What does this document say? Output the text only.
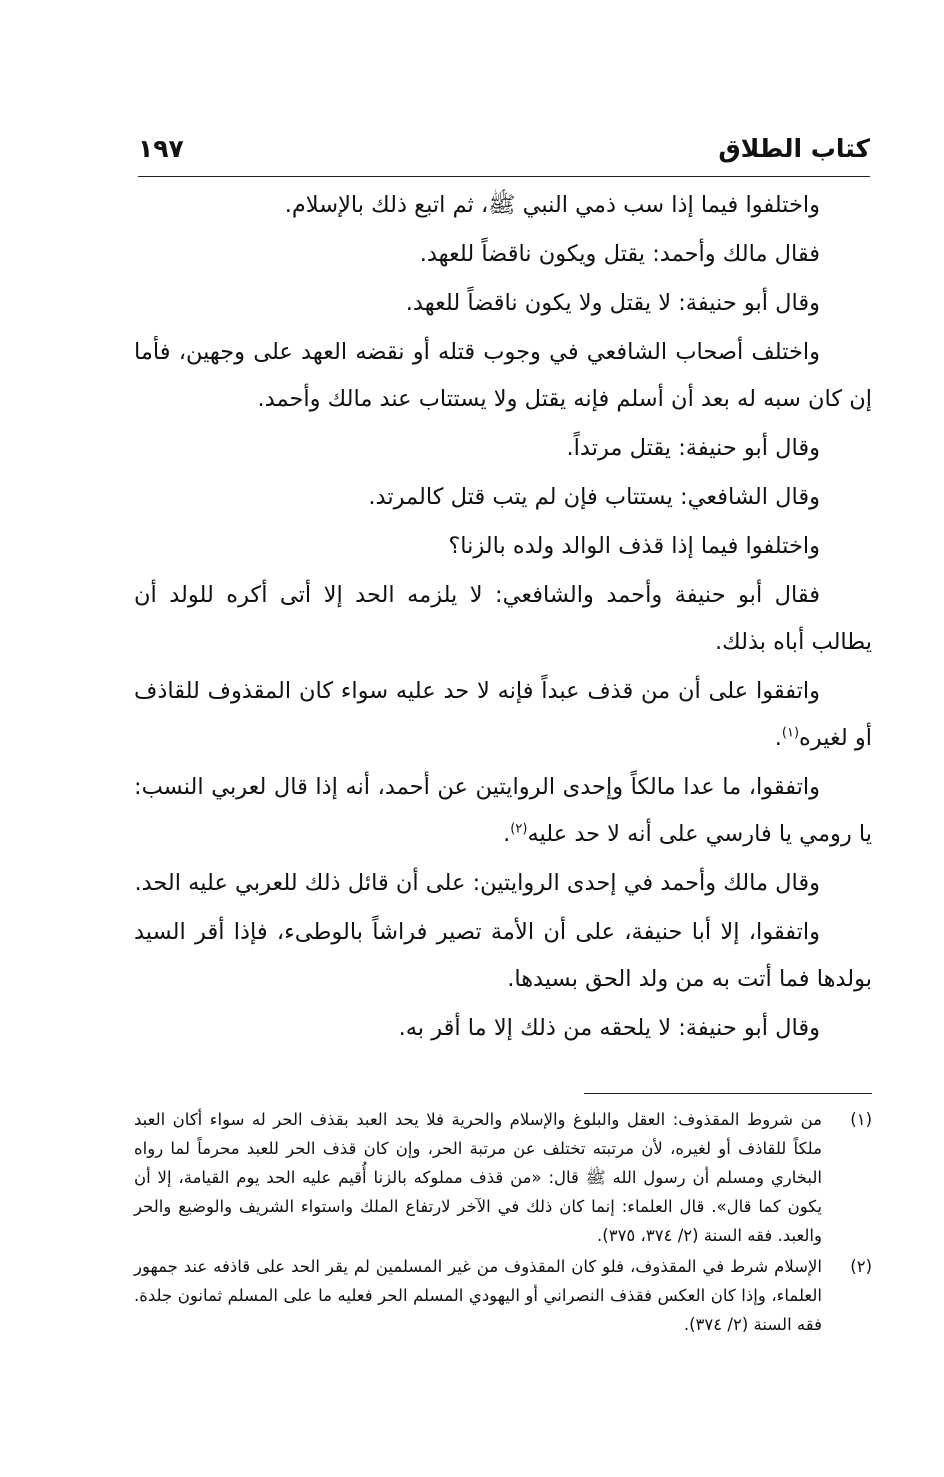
كتاب الطلاق
١٩٧

واختلفوا فيما إذا سب ذمي النبي ﷺ، ثم اتبع ذلك بالإسلام.

فقال مالك وأحمد: يقتل ويكون ناقضاً للعهد.

وقال أبو حنيفة: لا يقتل ولا يكون ناقضاً للعهد.

واختلف أصحاب الشافعي في وجوب قتله أو نقضه العهد على وجهين، فأما إن كان سبه له بعد أن أسلم فإنه يقتل ولا يستتاب عند مالك وأحمد.

وقال أبو حنيفة: يقتل مرتداً.

وقال الشافعي: يستتاب فإن لم يتب قتل كالمرتد.

واختلفوا فيما إذا قذف الوالد ولده بالزنا؟

فقال أبو حنيفة وأحمد والشافعي: لا يلزمه الحد إلا أتى أكره للولد أن يطالب أباه بذلك.

واتفقوا على أن من قذف عبداً فإنه لا حد عليه سواء كان المقذوف للقاذف أو لغيره$^{(١)}$.

واتفقوا، ما عدا مالكاً وإحدى الروايتين عن أحمد، أنه إذا قال لعربي النسب: يا رومي يا فارسي على أنه لا حد عليه$^{(٢)}$.

وقال مالك وأحمد في إحدى الروايتين: على أن قائل ذلك للعربي عليه الحد.

واتفقوا، إلا أبا حنيفة، على أن الأمة تصير فراشاً بالوطىء، فإذا أقر السيد بولدها فما أتت به من ولد الحق بسيدها.

وقال أبو حنيفة: لا يلحقه من ذلك إلا ما أقر به.

(١)
من شروط المقذوف: العقل والبلوغ والإسلام والحرية فلا يحد العبد بقذف الحر له سواء أكان العبد ملكاً للقاذف أو لغيره، لأن مرتبته تختلف عن مرتبة الحر، وإن كان قذف الحر للعبد محرماً لما رواه البخاري ومسلم أن رسول الله ﷺ قال: «من قذف مملوكه بالزنا أُقيم عليه الحد يوم القيامة، إلا أن يكون كما قال». قال العلماء: إنما كان ذلك في الآخر لارتفاع الملك واستواء الشريف والوضيع والحر والعبد. فقه السنة (٢/ ٣٧٤، ٣٧٥).
(٢)
الإسلام شرط في المقذوف، فلو كان المقذوف من غير المسلمين لم يقر الحد على قاذفه عند جمهور العلماء، وإذا كان العكس فقذف النصراني أو اليهودي المسلم الحر فعليه ما على المسلم ثمانون جلدة. فقه السنة (٢/ ٣٧٤).
